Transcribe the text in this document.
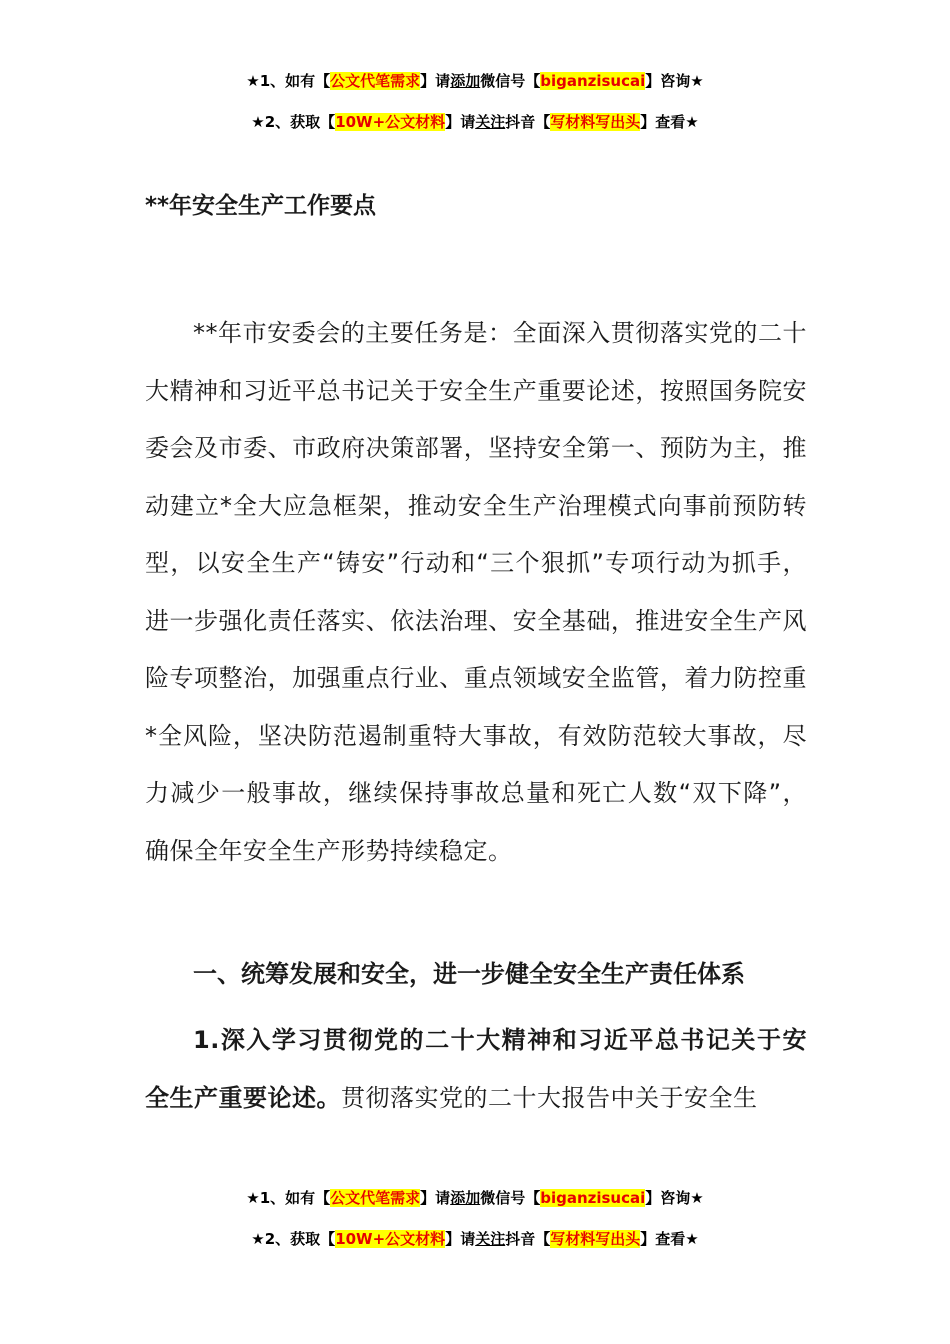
★1、如有【公文代笔需求】请添加微信号【biganzisucai】咨询★
★2、获取【10W+公文材料】请关注抖音【写材料写出头】查看★
**年安全生产工作要点

**年市安委会的主要任务是：全面深入贯彻落实党的二十大精神和习近平总书记关于安全生产重要论述，按照国务院安委会及市委、市政府决策部署，坚持安全第一、预防为主，推动建立*全大应急框架，推动安全生产治理模式向事前预防转型，以安全生产“铸安”行动和“三个狠抓”专项行动为抓手，进一步强化责任落实、依法治理、安全基础，推进安全生产风险专项整治，加强重点行业、重点领域安全监管，着力防控重*全风险，坚决防范遏制重特大事故，有效防范较大事故，尽力减少一般事故，继续保持事故总量和死亡人数“双下降”，确保全年安全生产形势持续稳定。

一、统筹发展和安全，进一步健全安全生产责任体系

1.深入学习贯彻党的二十大精神和习近平总书记关于安全生产重要论述。贯彻落实党的二十大报告中关于安全生

★1、如有【公文代笔需求】请添加微信号【biganzisucai】咨询★
★2、获取【10W+公文材料】请关注抖音【写材料写出头】查看★
